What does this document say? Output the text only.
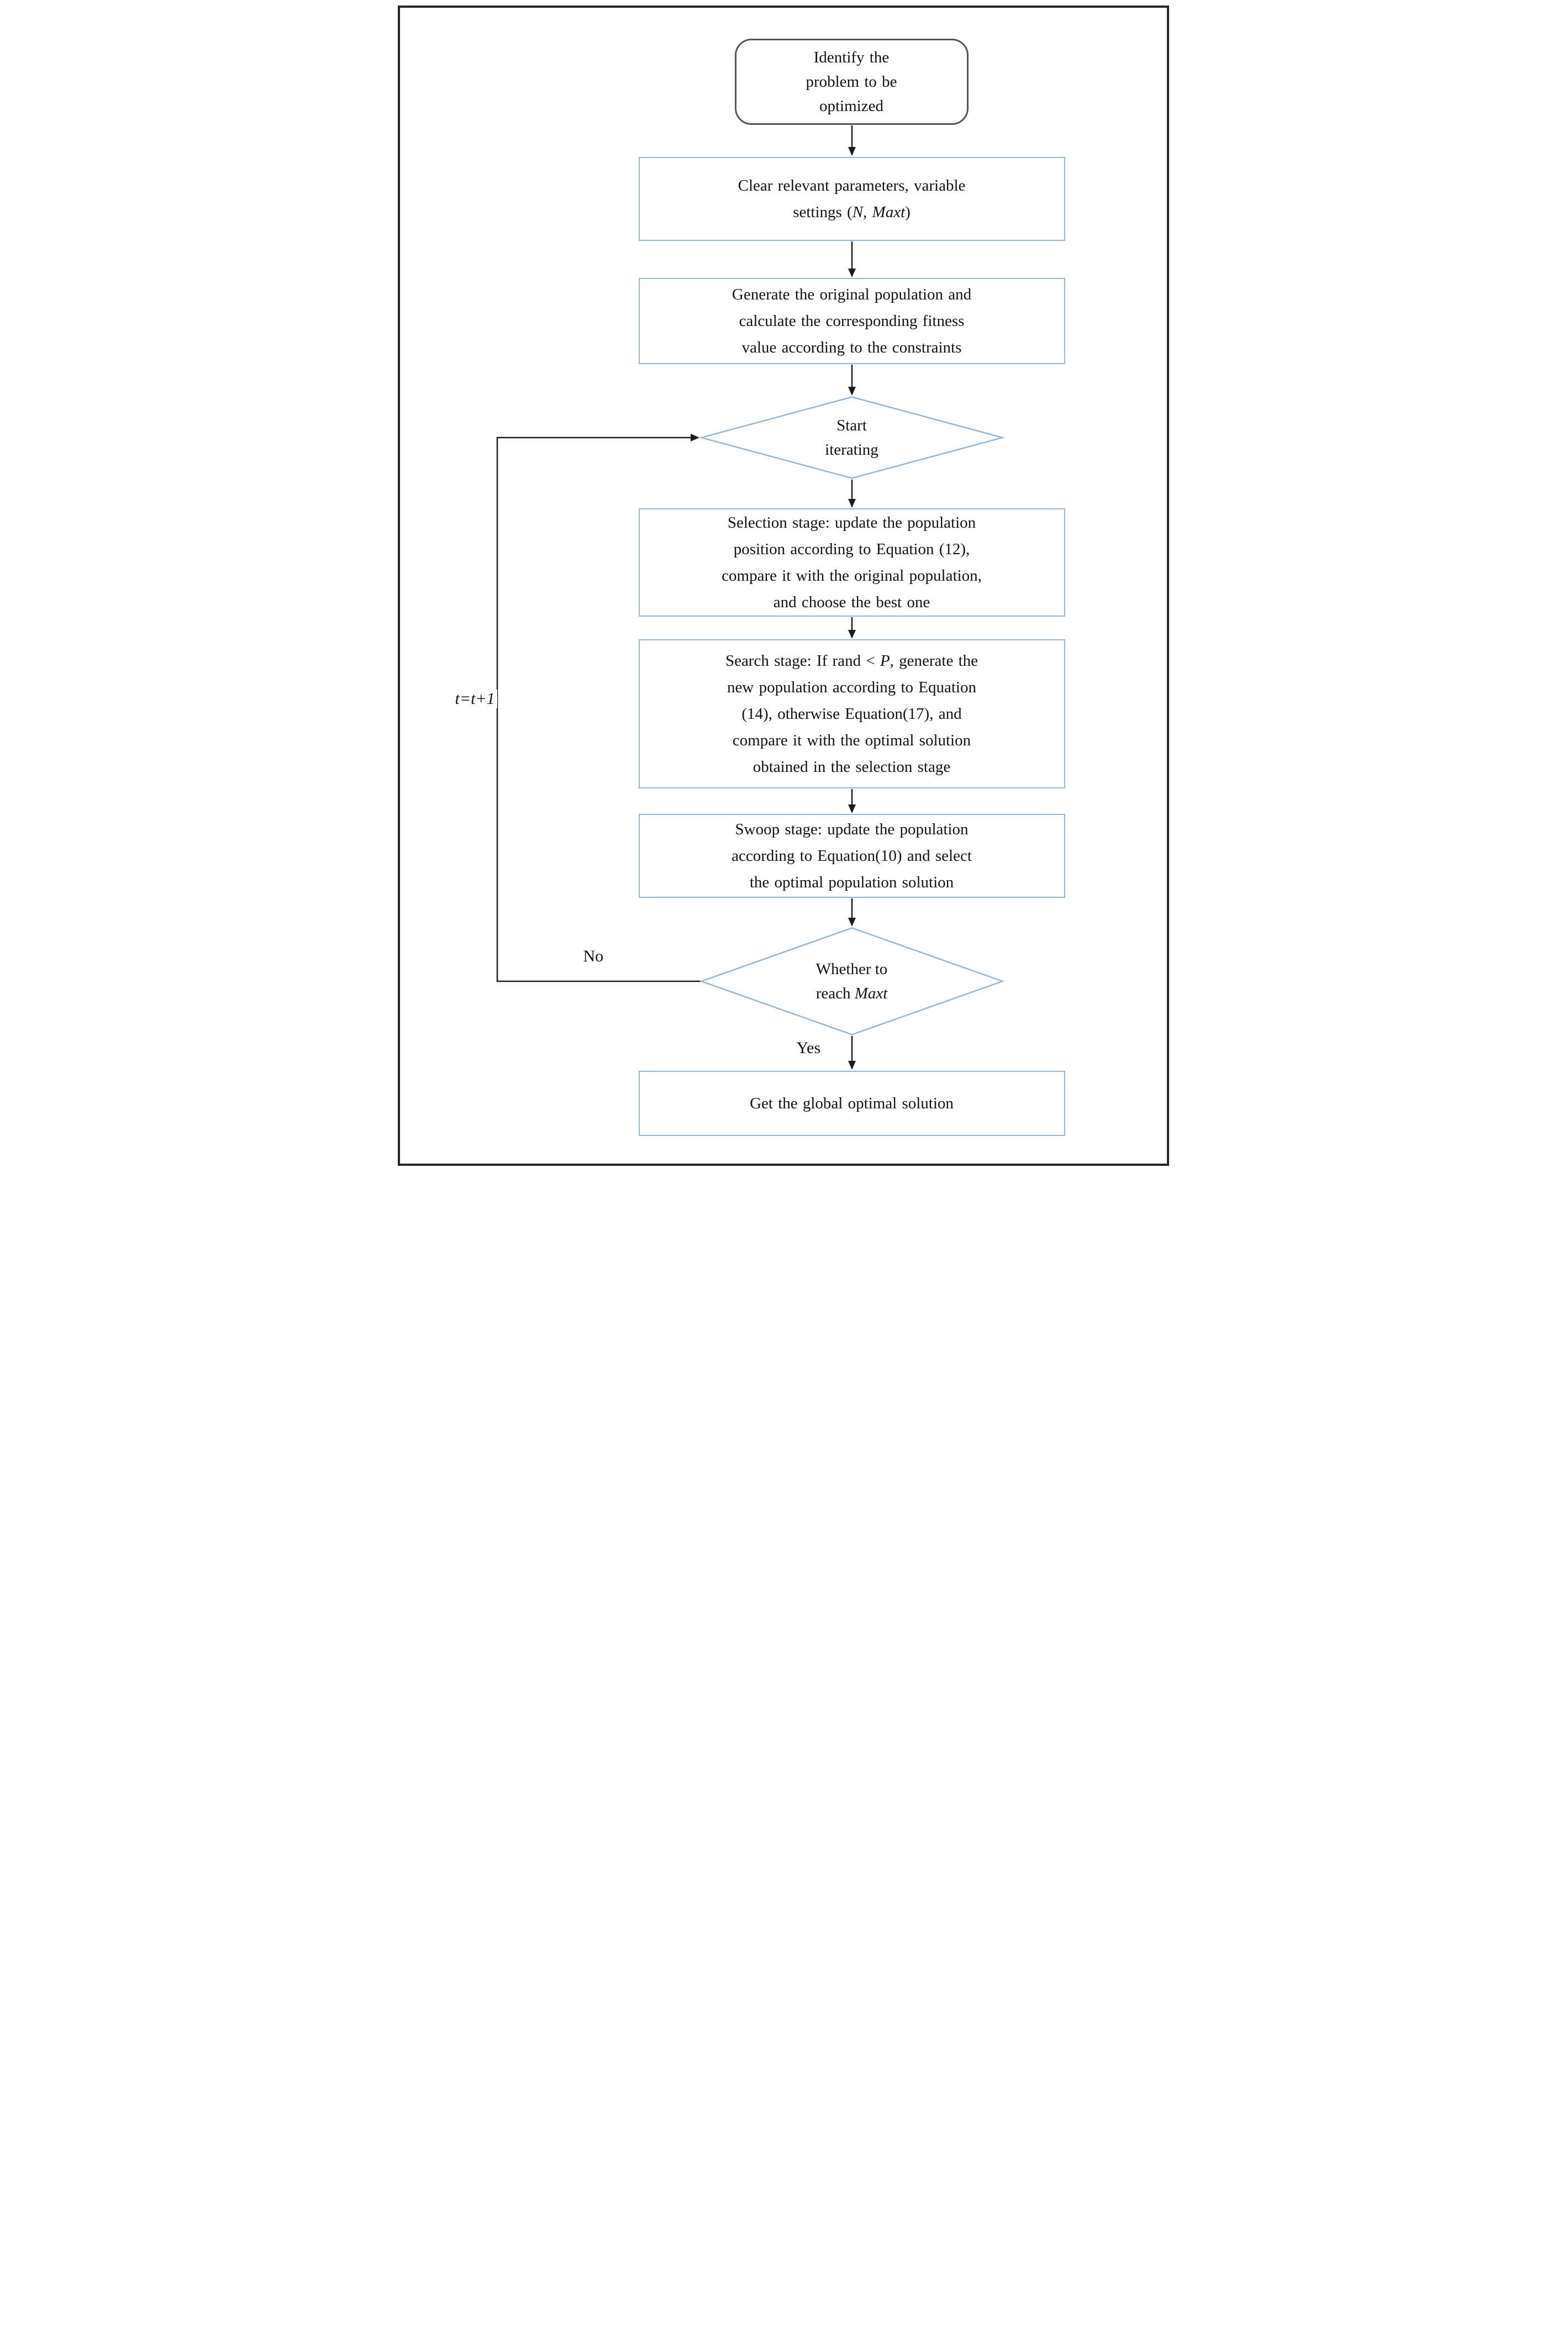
Identify the
problem to be
optimized
Clear relevant parameters, variable
settings (N, Maxt)
Generate the original population and
calculate the corresponding fitness
value according to the constraints
Start
iterating
Selection stage: update the population
position according to Equation (12),
compare it with the original population,
and choose the best one
Search stage: If rand < P, generate the
new population according to Equation
(14), otherwise Equation(17), and
compare it with the optimal solution
obtained in the selection stage
Swoop stage: update the population
according to Equation(10) and select
the optimal population solution
Whether to
reach Maxt
Get the global optimal solution
Yes
No
t=t+1
